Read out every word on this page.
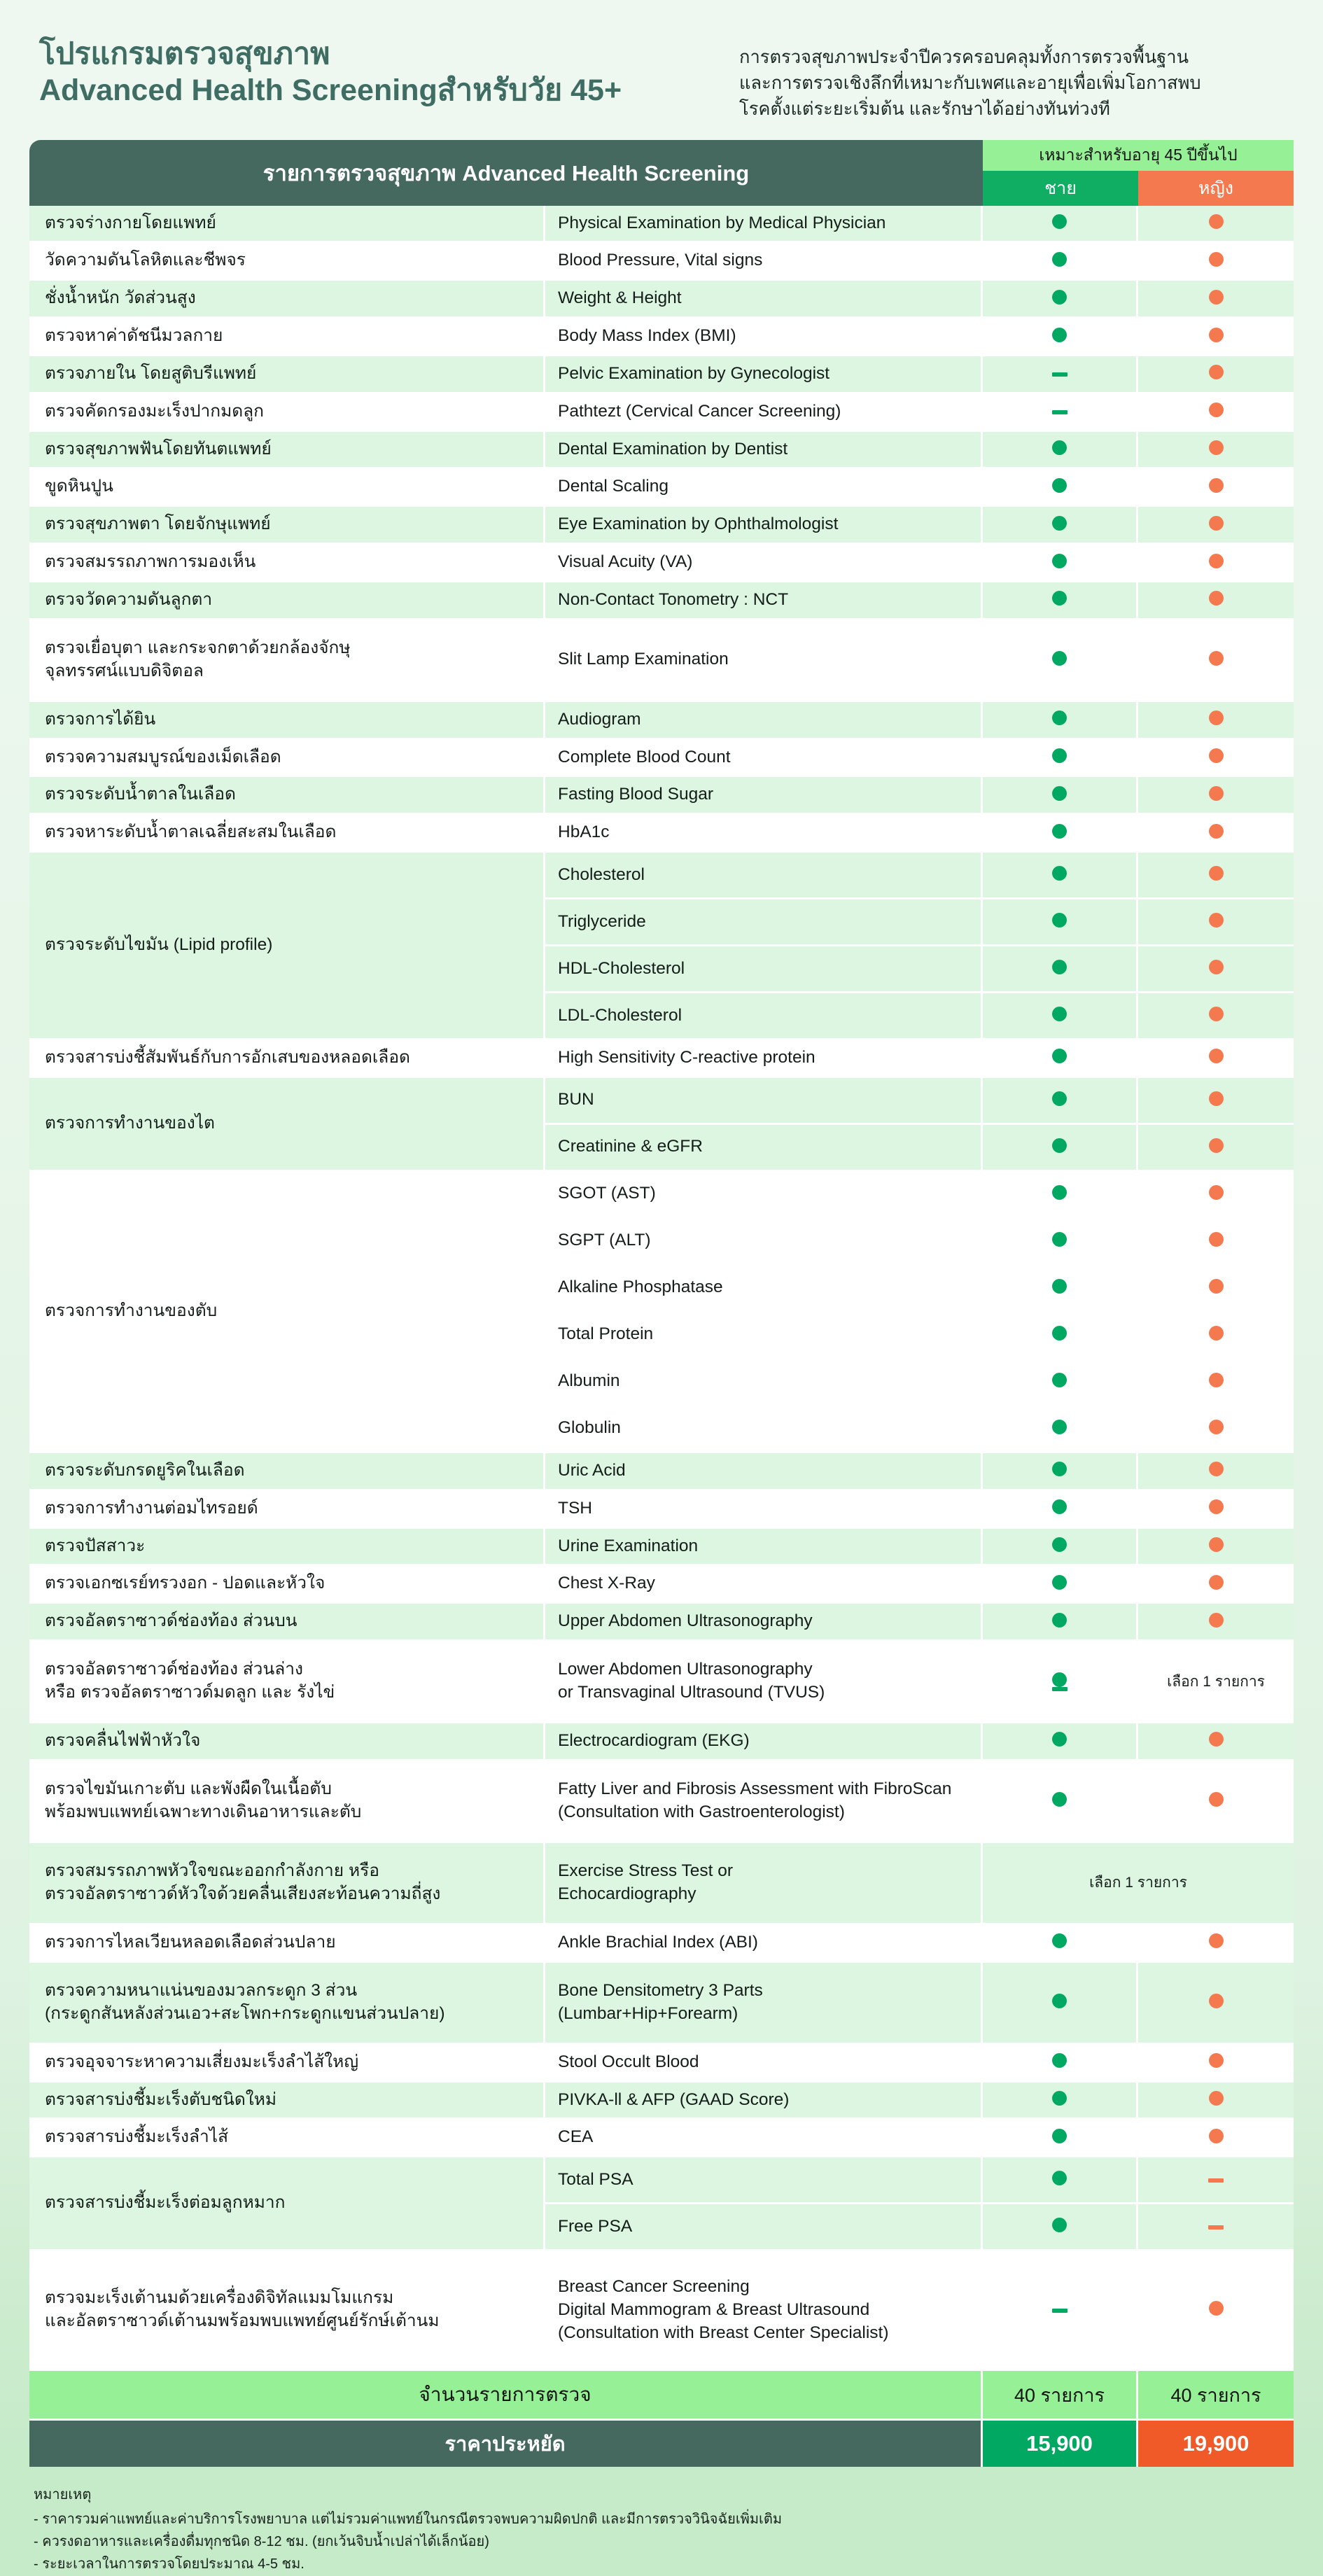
โปรแกรมตรวจสุขภาพ
Advanced Health Screeningสำหรับวัย 45+
การตรวจสุขภาพประจำปีควรครอบคลุมทั้งการตรวจพื้นฐาน
และการตรวจเชิงลึกที่เหมาะกับเพศและอายุเพื่อเพิ่มโอกาสพบ
โรคตั้งแต่ระยะเริ่มต้น และรักษาได้อย่างทันท่วงที
รายการตรวจสุขภาพ Advanced Health Screening		เหมาะสำหรับอายุ 45 ปีขึ้นไป	
		ชาย	หญิง
ตรวจร่างกายโดยแพทย์	Physical Examination by Medical Physician	

วัดความดันโลหิตและชีพจร	Blood Pressure, Vital signs	

ชั่งน้ำหนัก วัดส่วนสูง	Weight & Height	

ตรวจหาค่าดัชนีมวลกาย	Body Mass Index (BMI)	

ตรวจภายใน โดยสูติบรีแพทย์	Pelvic Examination by Gynecologist	

ตรวจคัดกรองมะเร็งปากมดลูก	Pathtezt (Cervical Cancer Screening)	

ตรวจสุขภาพฟันโดยทันตแพทย์	Dental Examination by Dentist	

ขูดหินปูน	Dental Scaling	

ตรวจสุขภาพตา โดยจักษุแพทย์	Eye Examination by Ophthalmologist	

ตรวจสมรรถภาพการมองเห็น	Visual Acuity (VA)	

ตรวจวัดความดันลูกตา	Non-Contact Tonometry : NCT	

ตรวจเยื่อบุตา และกระจกตาด้วยกล้องจักษุ
จุลทรรศน์แบบดิจิตอล	Slit Lamp Examination	

ตรวจการได้ยิน	Audiogram	

ตรวจความสมบูรณ์ของเม็ดเลือด	Complete Blood Count	

ตรวจระดับน้ำตาลในเลือด	Fasting Blood Sugar	

ตรวจหาระดับน้ำตาลเฉลี่ยสะสมในเลือด	HbA1c	

ตรวจระดับไขมัน (Lipid profile)	Cholesterol	

	Triglyceride	

	HDL-Cholesterol	

	LDL-Cholesterol	

ตรวจสารบ่งชี้สัมพันธ์กับการอักเสบของหลอดเลือด	High Sensitivity C-reactive protein	

ตรวจการทำงานของไต	BUN	

	Creatinine & eGFR	

ตรวจการทำงานของตับ	SGOT (AST)	

	SGPT (ALT)	

	Alkaline Phosphatase	

	Total Protein	

	Albumin	

	Globulin	

ตรวจระดับกรดยูริคในเลือด	Uric Acid	

ตรวจการทำงานต่อมไทรอยด์	TSH	

ตรวจปัสสาวะ	Urine Examination	

ตรวจเอกซเรย์ทรวงอก - ปอดและหัวใจ	Chest X-Ray	

ตรวจอัลตราซาวด์ช่องท้อง ส่วนบน	Upper Abdomen Ultrasonography	

ตรวจอัลตราซาวด์ช่องท้อง ส่วนล่าง
หรือ ตรวจอัลตราซาวด์มดลูก และ รังไข่	Lower Abdomen Ultrasonography
or Transvaginal Ultrasound (TVUS)		เลือก 1 รายการ

ตรวจคลื่นไฟฟ้าหัวใจ	Electrocardiogram (EKG)	

ตรวจไขมันเกาะตับ และพังผืดในเนื้อตับ
พร้อมพบแพทย์เฉพาะทางเดินอาหารและตับ	Fatty Liver and Fibrosis Assessment with FibroScan
(Consultation with Gastroenterologist)	

ตรวจสมรรถภาพหัวใจขณะออกกำลังกาย หรือ
ตรวจอัลตราซาวด์หัวใจด้วยคลื่นเสียงสะท้อนความถี่สูง	Exercise Stress Test or
Echocardiography	เลือก 1 รายการ	

ตรวจการไหลเวียนหลอดเลือดส่วนปลาย	Ankle Brachial Index (ABI)	

ตรวจความหนาแน่นของมวลกระดูก 3 ส่วน
(กระดูกสันหลังส่วนเอว+สะโพก+กระดูกแขนส่วนปลาย)	Bone Densitometry 3 Parts
(Lumbar+Hip+Forearm)	

ตรวจอุจจาระหาความเสี่ยงมะเร็งลำไส้ใหญ่	Stool Occult Blood	

ตรวจสารบ่งชี้มะเร็งตับชนิดใหม่	PIVKA-ll & AFP (GAAD Score)	

ตรวจสารบ่งชี้มะเร็งลำไส้	CEA	

ตรวจสารบ่งชี้มะเร็งต่อมลูกหมาก	Total PSA	

	Free PSA	

ตรวจมะเร็งเต้านมด้วยเครื่องดิจิทัลแมมโมแกรม
และอัลตราซาวด์เต้านมพร้อมพบแพทย์ศูนย์รักษ์เต้านม	Breast Cancer Screening
Digital Mammogram & Breast Ultrasound
(Consultation with Breast Center Specialist)	

จำนวนรายการตรวจ		40 รายการ	40 รายการ
ราคาประหยัด		15,900	19,900
หมายเหตุ
- ราคารวมค่าแพทย์และค่าบริการโรงพยาบาล แต่ไม่รวมค่าแพทย์ในกรณีตรวจพบความผิดปกติ และมีการตรวจวินิจฉัยเพิ่มเติม
- ควรงดอาหารและเครื่องดื่มทุกชนิด 8-12 ชม. (ยกเว้นจิบน้ำเปล่าได้เล็กน้อย)
- ระยะเวลาในการตรวจโดยประมาณ 4-5 ชม.
